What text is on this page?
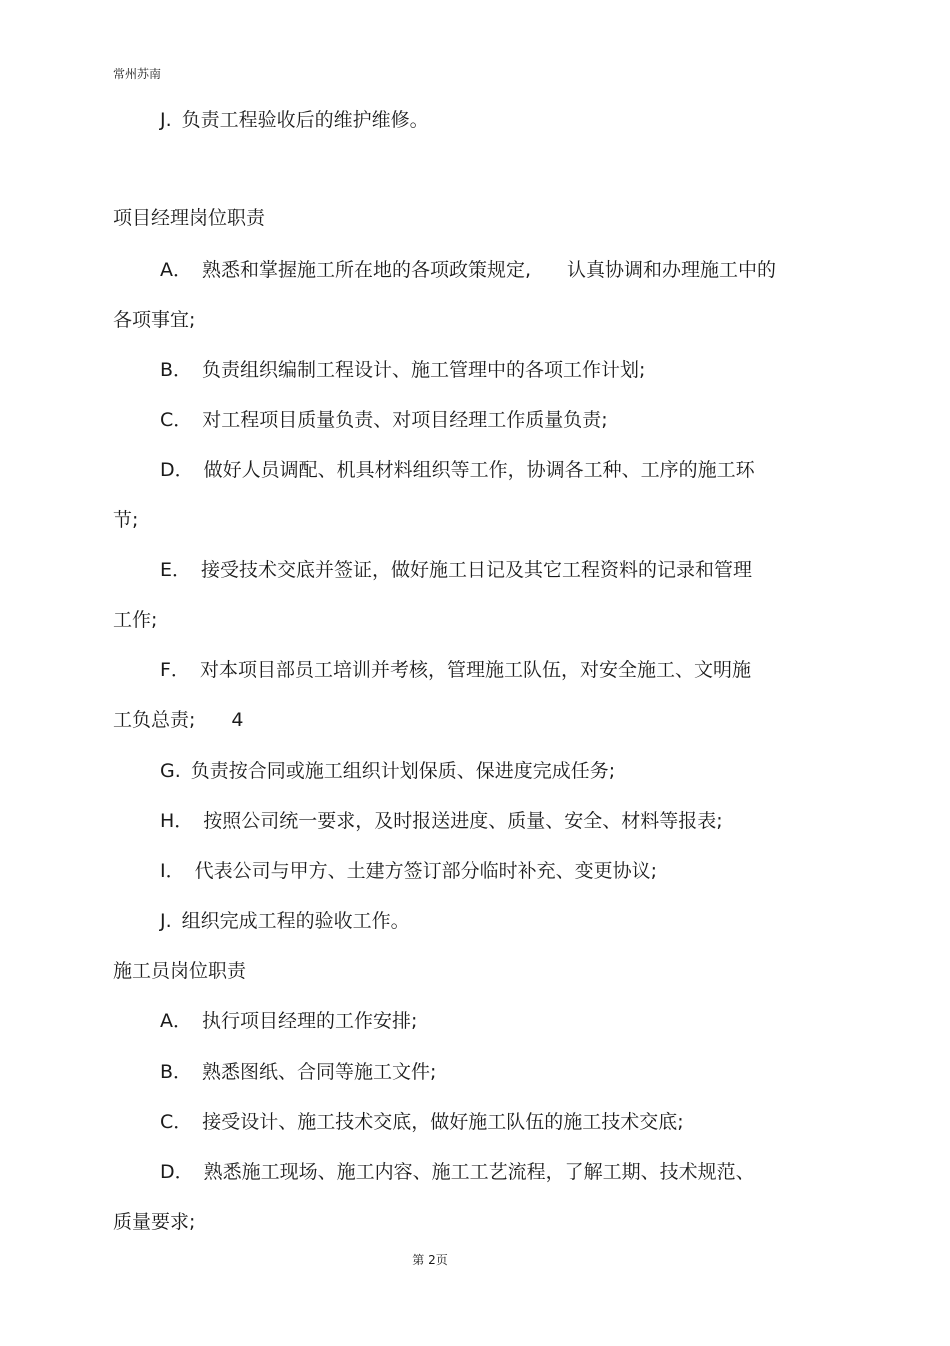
常州苏南
J. 负责工程验收后的维护维修。
项目经理岗位职责
A． 熟悉和掌握施工所在地的各项政策规定, 认真协调和办理施工中的
各项事宜;
B． 负责组织编制工程设计、施工管理中的各项工作计划;
C． 对工程项目质量负责、对项目经理工作质量负责;
D． 做好人员调配、机具材料组织等工作，协调各工种、工序的施工环
节;
E． 接受技术交底并签证，做好施工日记及其它工程资料的记录和管理
工作;
F． 对本项目部员工培训并考核，管理施工队伍，对安全施工、文明施
工负总责; 4
G. 负责按合同或施工组织计划保质、保进度完成任务;
H． 按照公司统一要求，及时报送进度、质量、安全、材料等报表;
I． 代表公司与甲方、土建方签订部分临时补充、变更协议;
J. 组织完成工程的验收工作。
施工员岗位职责
A． 执行项目经理的工作安排;
B． 熟悉图纸、合同等施工文件;
C． 接受设计、施工技术交底，做好施工队伍的施工技术交底;
D． 熟悉施工现场、施工内容、施工工艺流程，了解工期、技术规范、
质量要求;
第 2页
